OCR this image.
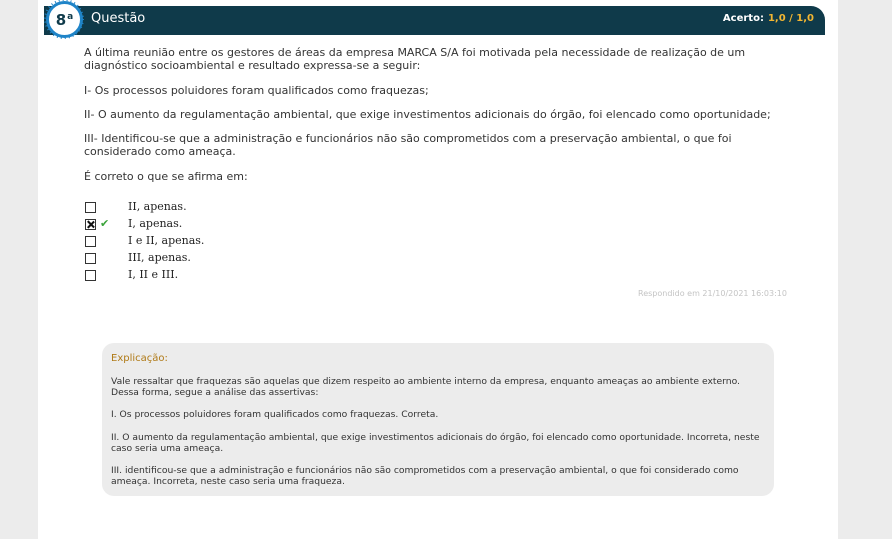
8$^a$ Questão	Acerto: 1,0 / 1,0

A última reunião entre os gestores de áreas da empresa MARCA S/A foi motivada pela necessidade de realização de um diagnóstico socioambiental e resultado expressa-se a seguir:

I- Os processos poluidores foram qualificados como fraquezas;

II- O aumento da regulamentação ambiental, que exige investimentos adicionais do órgão, foi elencado como oportunidade;

III- Identificou-se que a administração e funcionários não são comprometidos com a preservação ambiental, o que foi considerado como ameaça.

É correto o que se afirma em:

II, apenas.
✔ I, apenas.
I e II, apenas.
III, apenas.
I, II e III.
Respondido em 21/10/2021 16:03:10
Explicação:

Vale ressaltar que fraquezas são aquelas que dizem respeito ao ambiente interno da empresa, enquanto ameaças ao ambiente externo. Dessa forma, segue a análise das assertivas:

I. Os processos poluidores foram qualificados como fraquezas. Correta.

II. O aumento da regulamentação ambiental, que exige investimentos adicionais do órgão, foi elencado como oportunidade. Incorreta, neste caso seria uma ameaça.

III. identificou-se que a administração e funcionários não são comprometidos com a preservação ambiental, o que foi considerado como ameaça. Incorreta, neste caso seria uma fraqueza.
